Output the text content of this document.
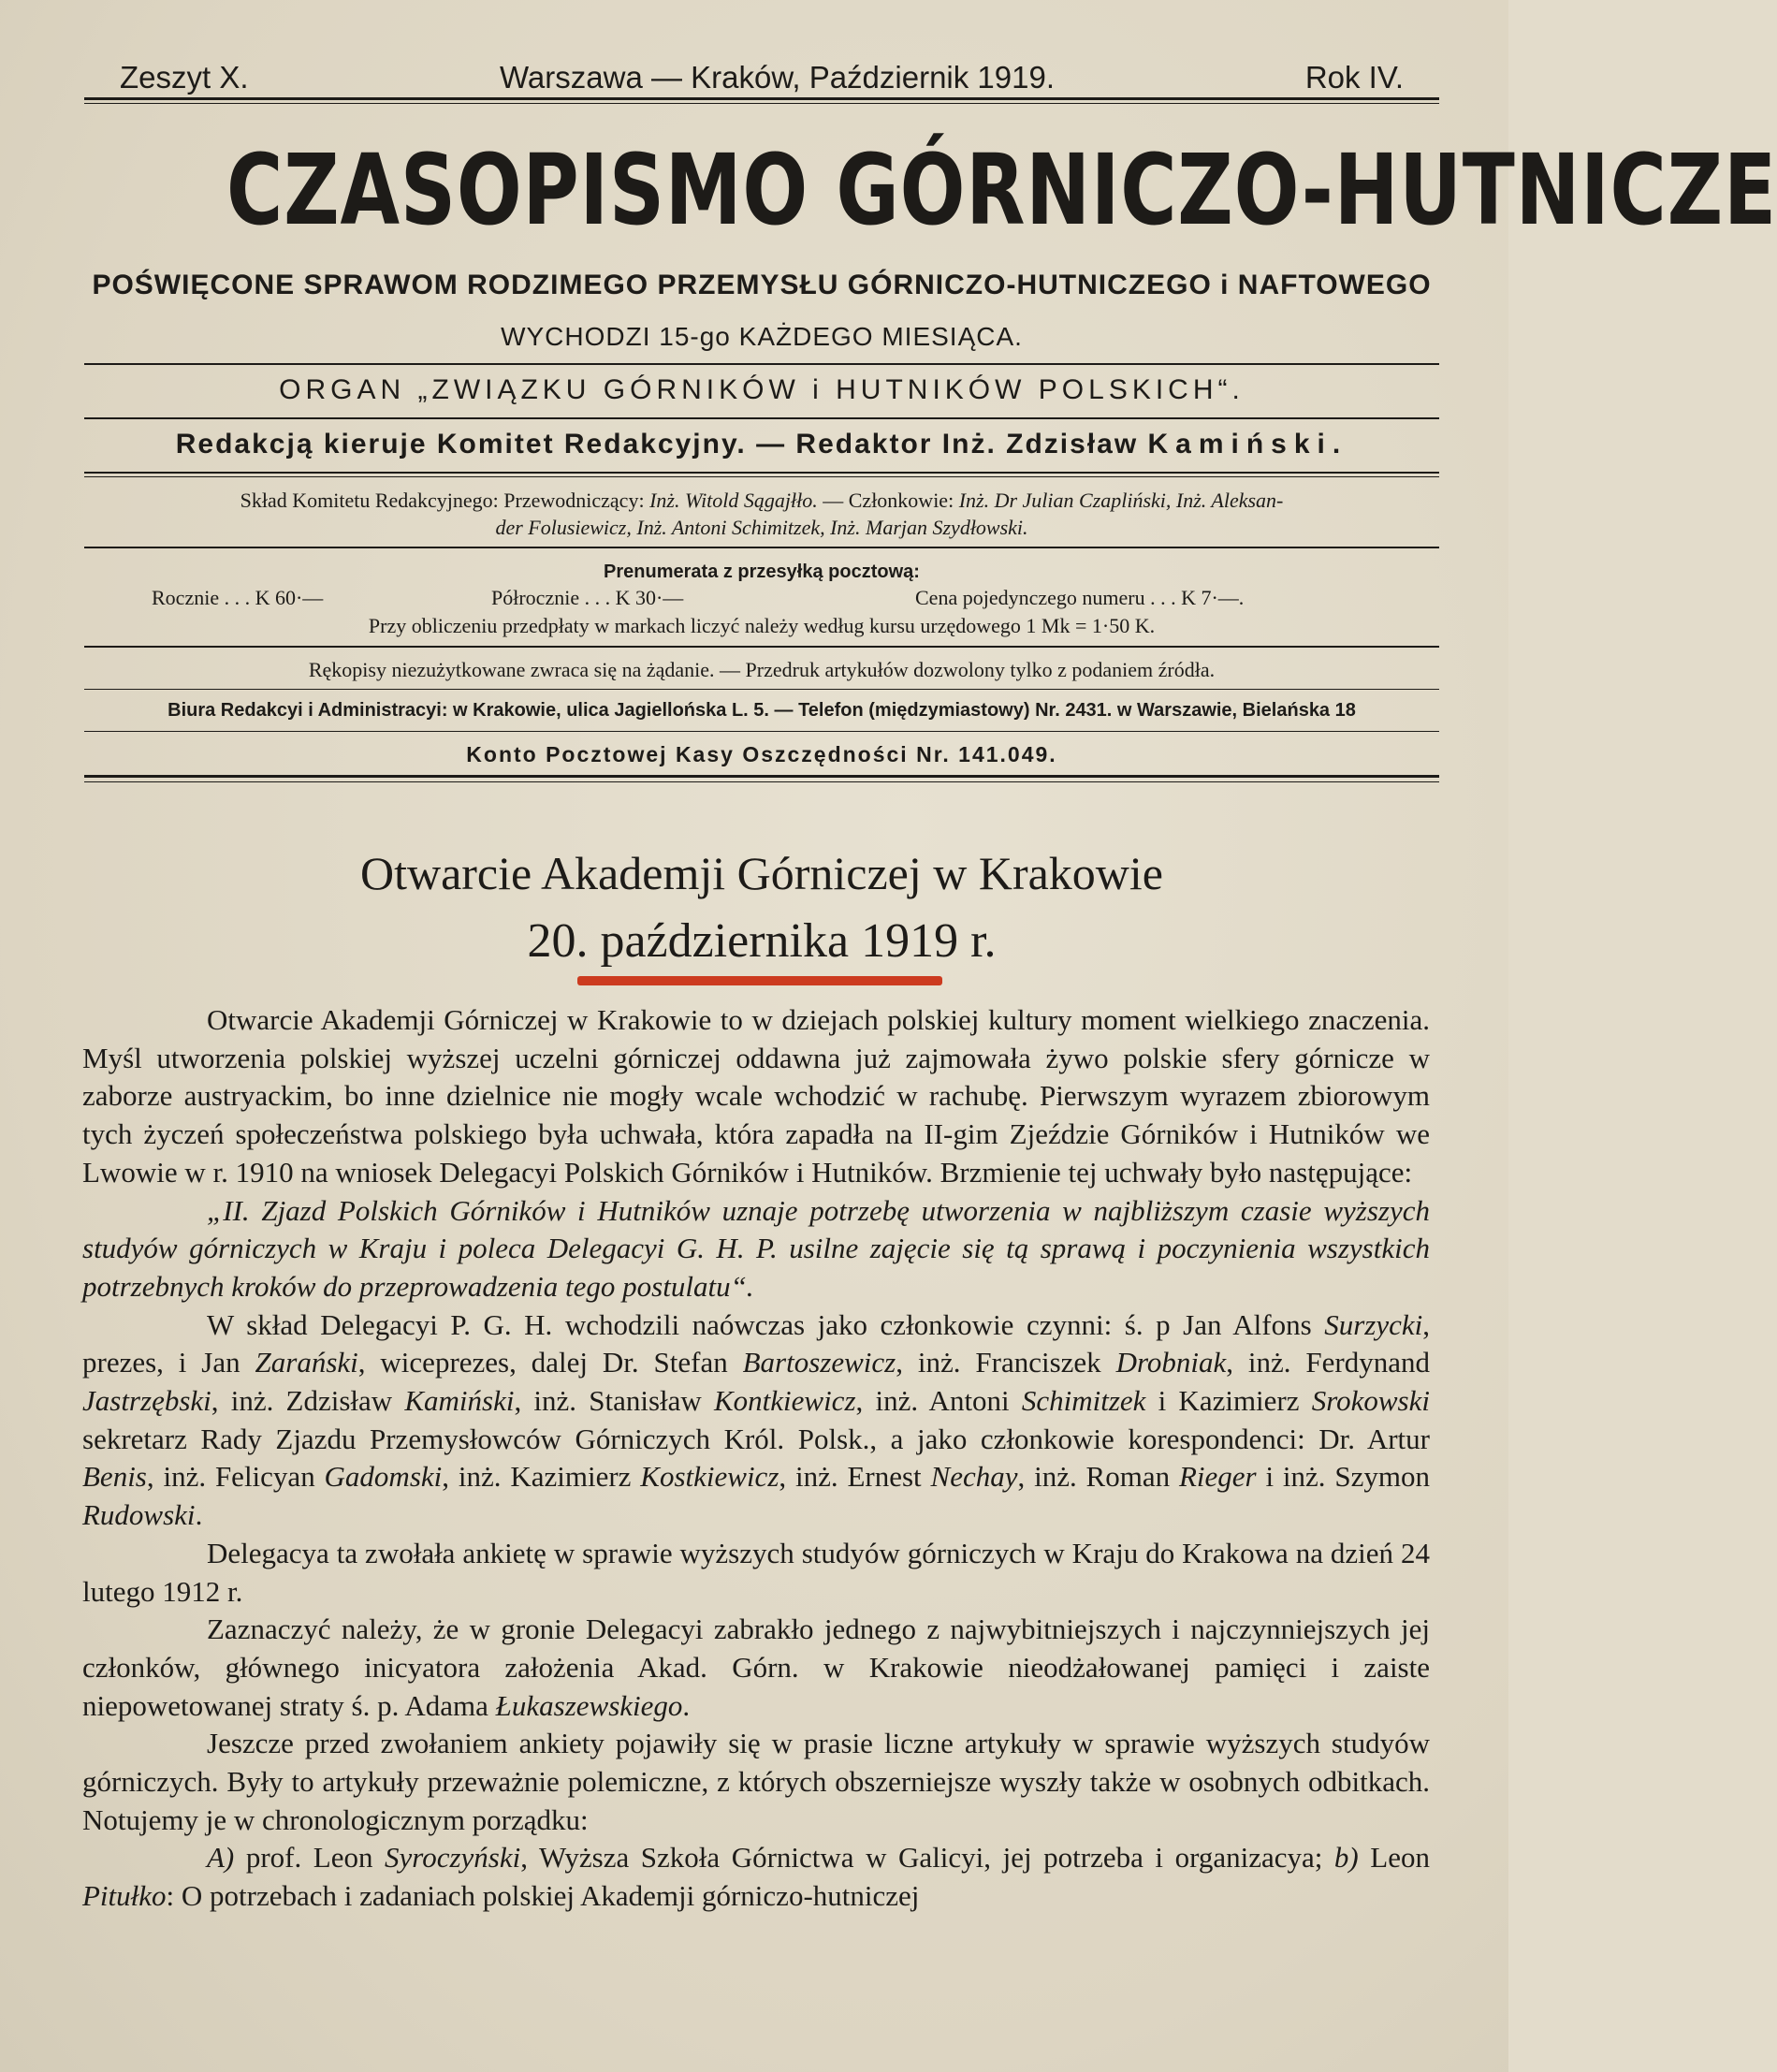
Zeszyt X.	Warszawa — Kraków, Październik 1919.	Rok IV.
CZASOPISMO GÓRNICZO-HUTNICZE
POŚWIĘCONE SPRAWOM RODZIMEGO PRZEMYSŁU GÓRNICZO-HUTNICZEGO i NAFTOWEGO
WYCHODZI 15-go KAŻDEGO MIESIĄCA.
ORGAN „ZWIĄZKU GÓRNIKÓW i HUTNIKÓW POLSKICH“.
Redakcją kieruje Komitet Redakcyjny. — Redaktor Inż. Zdzisław Kamiński.
Skład Komitetu Redakcyjnego: Przewodniczący: Inż. Witold Sągajłło. — Członkowie: Inż. Dr Julian Czapliński, Inż. Aleksan-
der Folusiewicz, Inż. Antoni Schimitzek, Inż. Marjan Szydłowski.
Prenumerata z przesyłką pocztową:
Rocznie . . . K 60·—	Półrocznie . . . K 30·—	Cena pojedynczego numeru . . . K 7·—.
Przy obliczeniu przedpłaty w markach liczyć należy według kursu urzędowego 1 Mk = 1·50 K.
Rękopisy niezużytkowane zwraca się na żądanie. — Przedruk artykułów dozwolony tylko z podaniem źródła.
Biura Redakcyi i Administracyi: w Krakowie, ulica Jagiellońska L. 5. — Telefon (międzymiastowy) Nr. 2431. w Warszawie, Bielańska 18
Konto Pocztowej Kasy Oszczędności Nr. 141.049.
Otwarcie Akademji Górniczej w Krakowie
20. października 1919 r.

Otwarcie Akademji Górniczej w Krakowie to w dziejach polskiej kultury moment wielkiego znaczenia. Myśl utworzenia polskiej wyższej uczelni górniczej oddawna już zajmowała żywo polskie sfery górnicze w zaborze austryackim, bo inne dzielnice nie mogły wcale wchodzić w rachubę. Pierwszym wyrazem zbiorowym tych życzeń społeczeństwa polskiego była uchwała, która zapadła na II-gim Zjeździe Górników i Hutników we Lwowie w r. 1910 na wniosek Delegacyi Polskich Górników i Hutników. Brzmienie tej uchwały było następujące:

„II. Zjazd Polskich Górników i Hutników uznaje potrzebę utworzenia w najbliższym czasie wyższych studyów górniczych w Kraju i poleca Delegacyi G. H. P. usilne zajęcie się tą sprawą i poczynienia wszystkich potrzebnych kroków do przeprowadzenia tego postulatu“.

W skład Delegacyi P. G. H. wchodzili naówczas jako członkowie czynni: ś. p Jan Alfons Surzycki, prezes, i Jan Zarański, wiceprezes, dalej Dr. Stefan Bartoszewicz, inż. Franciszek Drobniak, inż. Ferdynand Jastrzębski, inż. Zdzisław Kamiński, inż. Stanisław Kontkiewicz, inż. Antoni Schimitzek i Kazimierz Srokowski sekretarz Rady Zjazdu Przemysłowców Górniczych Król. Polsk., a jako członkowie korespondenci: Dr. Artur Benis, inż. Felicyan Gadomski, inż. Kazimierz Kostkiewicz, inż. Ernest Nechay, inż. Roman Rieger i inż. Szymon Rudowski.

Delegacya ta zwołała ankietę w sprawie wyższych studyów górniczych w Kraju do Krakowa na dzień 24 lutego 1912 r.

Zaznaczyć należy, że w gronie Delegacyi zabrakło jednego z najwybitniejszych i najczynniejszych jej członków, głównego inicyatora założenia Akad. Górn. w Krakowie nieodżałowanej pamięci i zaiste niepowetowanej straty ś. p. Adama Łukaszewskiego.

Jeszcze przed zwołaniem ankiety pojawiły się w prasie liczne artykuły w sprawie wyższych studyów górniczych. Były to artykuły przeważnie polemiczne, z których obszerniejsze wyszły także w osobnych odbitkach. Notujemy je w chronologicznym porządku:

A) prof. Leon Syroczyński, Wyższa Szkoła Górnictwa w Galicyi, jej potrzeba i organizacya; b) Leon Pitułko: O potrzebach i zadaniach polskiej Akademji górniczo-hutniczej
